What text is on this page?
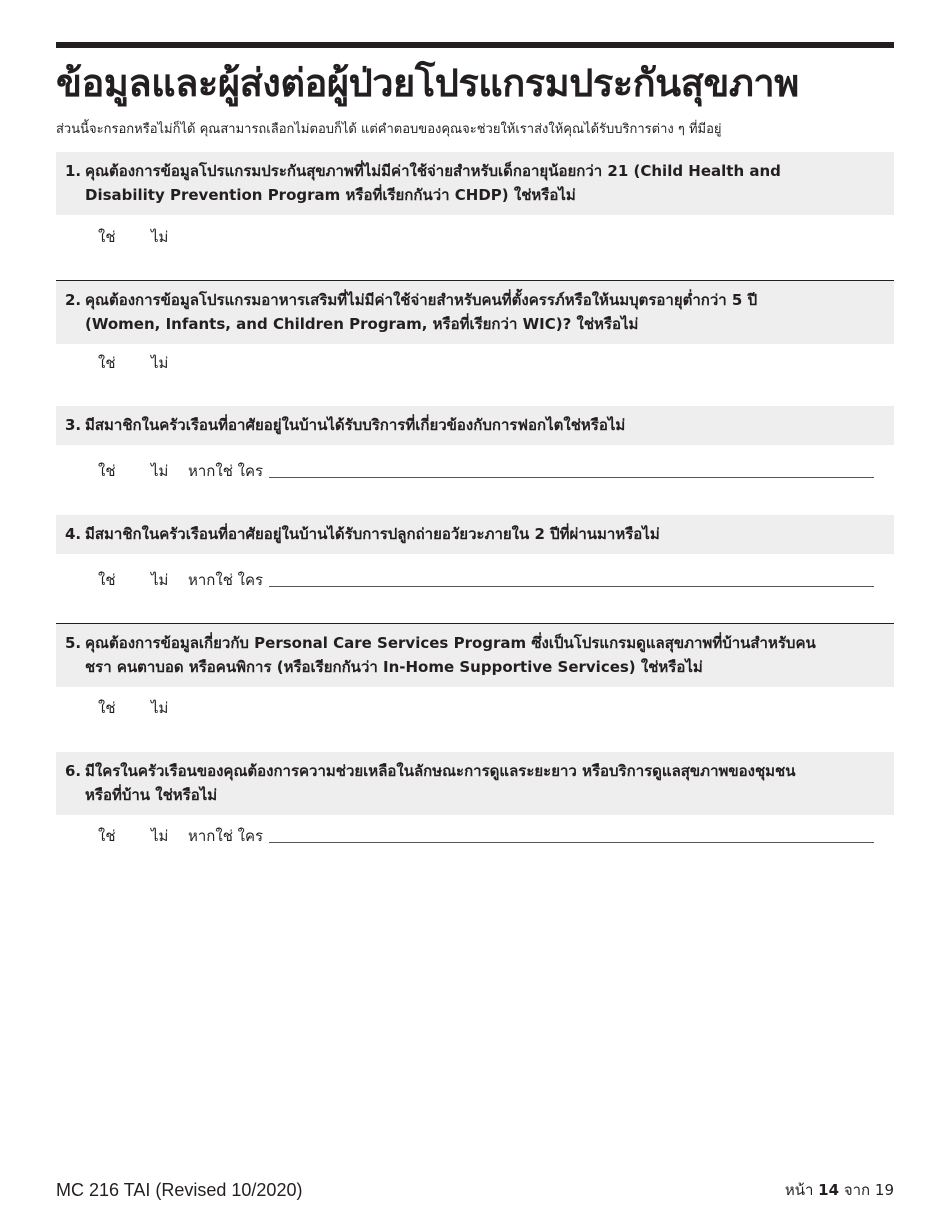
ข้อมูลและผู้ส่งต่อผู้ป่วยโปรแกรมประกันสุขภาพ
ส่วนนี้จะกรอกหรือไม่ก็ได้ คุณสามารถเลือกไม่ตอบก็ได้ แต่คำตอบของคุณจะช่วยให้เราส่งให้คุณได้รับบริการต่าง ๆ ที่มีอยู่
1. คุณต้องการข้อมูลโปรแกรมประกันสุขภาพที่ไม่มีค่าใช้จ่ายสำหรับเด็กอายุน้อยกว่า 21 (Child Health and
Disability Prevention Program หรือที่เรียกกันว่า CHDP) ใช่หรือไม่
ใช่	ไม่
2. คุณต้องการข้อมูลโปรแกรมอาหารเสริมที่ไม่มีค่าใช้จ่ายสำหรับคนที่ตั้งครรภ์หรือให้นมบุตรอายุต่ำกว่า 5 ปี
(Women, Infants, and Children Program, หรือที่เรียกว่า WIC)? ใช่หรือไม่
ใช่	ไม่
3. มีสมาชิกในครัวเรือนที่อาศัยอยู่ในบ้านได้รับบริการที่เกี่ยวข้องกับการฟอกไตใช่หรือไม่
ใช่	ไม่	หากใช่ ใคร
4. มีสมาชิกในครัวเรือนที่อาศัยอยู่ในบ้านได้รับการปลูกถ่ายอวัยวะภายใน 2 ปีที่ผ่านมาหรือไม่
ใช่	ไม่	หากใช่ ใคร
5. คุณต้องการข้อมูลเกี่ยวกับ Personal Care Services Program ซึ่งเป็นโปรแกรมดูแลสุขภาพที่บ้านสำหรับคน
ชรา คนตาบอด หรือคนพิการ (หรือเรียกกันว่า In-Home Supportive Services) ใช่หรือไม่
ใช่	ไม่
6. มีใครในครัวเรือนของคุณต้องการความช่วยเหลือในลักษณะการดูแลระยะยาว หรือบริการดูแลสุขภาพของชุมชน
หรือที่บ้าน ใช่หรือไม่
ใช่	ไม่	หากใช่ ใคร
MC 216 TAI (Revised 10/2020)	หน้า 14 จาก 19
